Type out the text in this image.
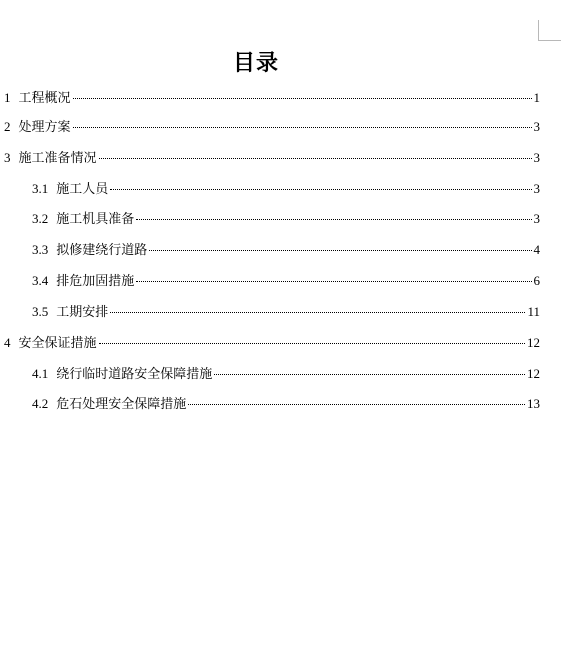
目录
1 工程概况	1
2 处理方案	3
3 施工准备情况	3
3.1 施工人员	3
3.2 施工机具准备	3
3.3 拟修建绕行道路	4
3.4 排危加固措施	6
3.5 工期安排	11
4 安全保证措施	12
4.1 绕行临时道路安全保障措施	12
4.2 危石处理安全保障措施	13
